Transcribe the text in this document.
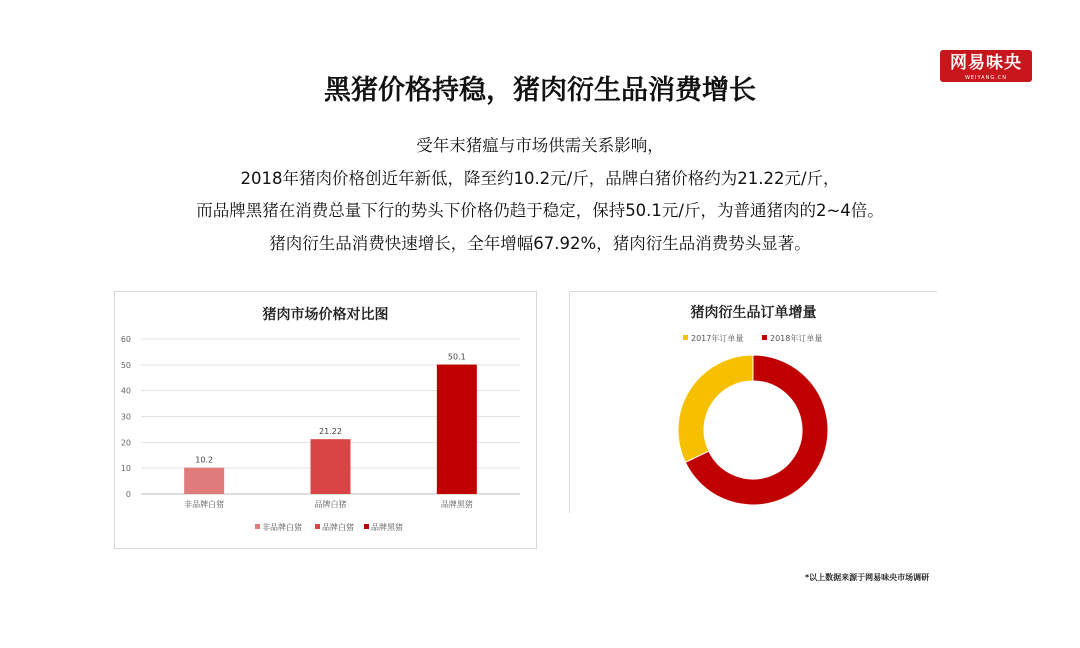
网易味央
WEIYANG.CN
黑猪价格持稳，猪肉衍生品消费增长
受年末猪瘟与市场供需关系影响，
2018年猪肉价格创近年新低，降至约10.2元/斤，品牌白猪价格约为21.22元/斤，
而品牌黑猪在消费总量下行的势头下价格仍趋于稳定，保持50.1元/斤，为普通猪肉的2~4倍。
猪肉衍生品消费快速增长，全年增幅67.92%，猪肉衍生品消费势头显著。
猪肉市场价格对比图
0
10
20
30
40
50
60
10.2
非品牌白猪
21.22
品牌白猪
50.1
品牌黑猪
非品牌白猪	品牌白猪 品牌黑猪
猪肉衍生品订单增量
2017年订单量	2018年订单量
*以上数据来源于网易味央市场调研
